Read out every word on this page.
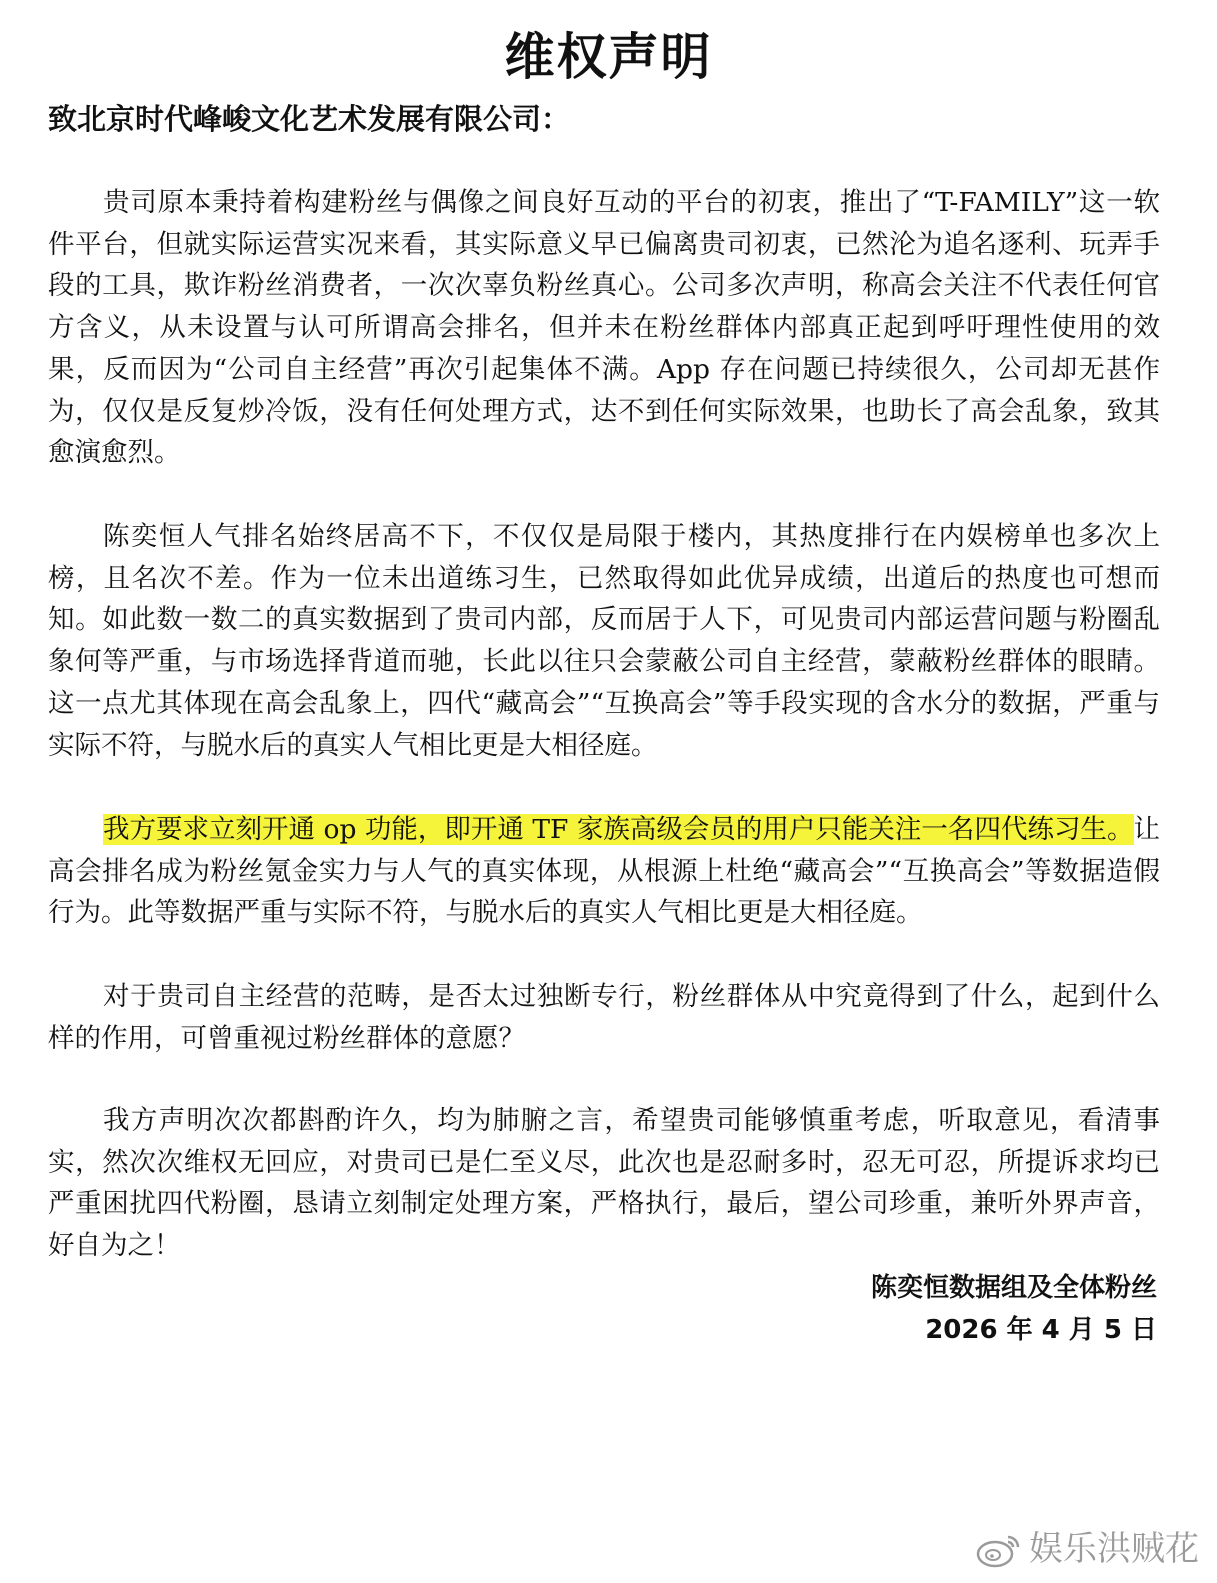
维权声明
致北京时代峰峻文化艺术发展有限公司：

贵司原本秉持着构建粉丝与偶像之间良好互动的平台的初衷，推出了“T-FAMILY”这一软件平台，但就实际运营实况来看，其实际意义早已偏离贵司初衷，已然沦为追名逐利、玩弄手段的工具，欺诈粉丝消费者，一次次辜负粉丝真心。公司多次声明，称高会关注不代表任何官方含义，从未设置与认可所谓高会排名，但并未在粉丝群体内部真正起到呼吁理性使用的效果，反而因为“公司自主经营”再次引起集体不满。App 存在问题已持续很久，公司却无甚作为，仅仅是反复炒冷饭，没有任何处理方式，达不到任何实际效果，也助长了高会乱象，致其愈演愈烈。

陈奕恒人气排名始终居高不下，不仅仅是局限于楼内，其热度排行在内娱榜单也多次上榜，且名次不差。作为一位未出道练习生，已然取得如此优异成绩，出道后的热度也可想而知。如此数一数二的真实数据到了贵司内部，反而居于人下，可见贵司内部运营问题与粉圈乱象何等严重，与市场选择背道而驰，长此以往只会蒙蔽公司自主经营，蒙蔽粉丝群体的眼睛。这一点尤其体现在高会乱象上，四代“藏高会”“互换高会”等手段实现的含水分的数据，严重与实际不符，与脱水后的真实人气相比更是大相径庭。

我方要求立刻开通 op 功能，即开通 TF 家族高级会员的用户只能关注一名四代练习生。让高会排名成为粉丝氪金实力与人气的真实体现，从根源上杜绝“藏高会”“互换高会”等数据造假行为。此等数据严重与实际不符，与脱水后的真实人气相比更是大相径庭。

对于贵司自主经营的范畴，是否太过独断专行，粉丝群体从中究竟得到了什么，起到什么样的作用，可曾重视过粉丝群体的意愿？

我方声明次次都斟酌许久，均为肺腑之言，希望贵司能够慎重考虑，听取意见，看清事实，然次次维权无回应，对贵司已是仁至义尽，此次也是忍耐多时，忍无可忍，所提诉求均已严重困扰四代粉圈，恳请立刻制定处理方案，严格执行，最后，望公司珍重，兼听外界声音，好自为之！

陈奕恒数据组及全体粉丝
2026 年 4 月 5 日
娱乐洪贼花
